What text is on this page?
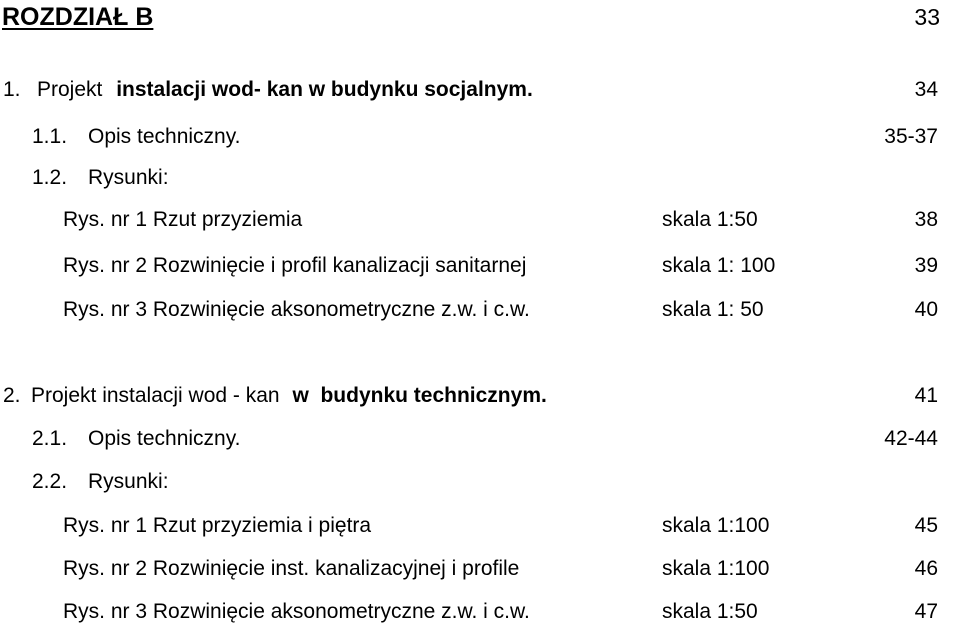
ROZDZIAŁ B	33
1. Projekt instalacji wod- kan w budynku socjalnym.	34
1.1. Opis techniczny.	35-37
1.2. Rysunki:
Rys. nr 1 Rzut przyziemia	skala 1:50	38
Rys. nr 2 Rozwinięcie i profil kanalizacji sanitarnej	skala 1: 100	39
Rys. nr 3 Rozwinięcie aksonometryczne z.w. i c.w.	skala 1: 50	40
2. Projekt instalacji wod - kan w  budynku technicznym.	41
2.1. Opis techniczny.	42-44
2.2. Rysunki:
Rys. nr 1 Rzut przyziemia i piętra	skala 1:100	45
Rys. nr 2 Rozwinięcie inst. kanalizacyjnej i profile	skala 1:100	46
Rys. nr 3 Rozwinięcie aksonometryczne z.w. i c.w.	skala 1:50	47
